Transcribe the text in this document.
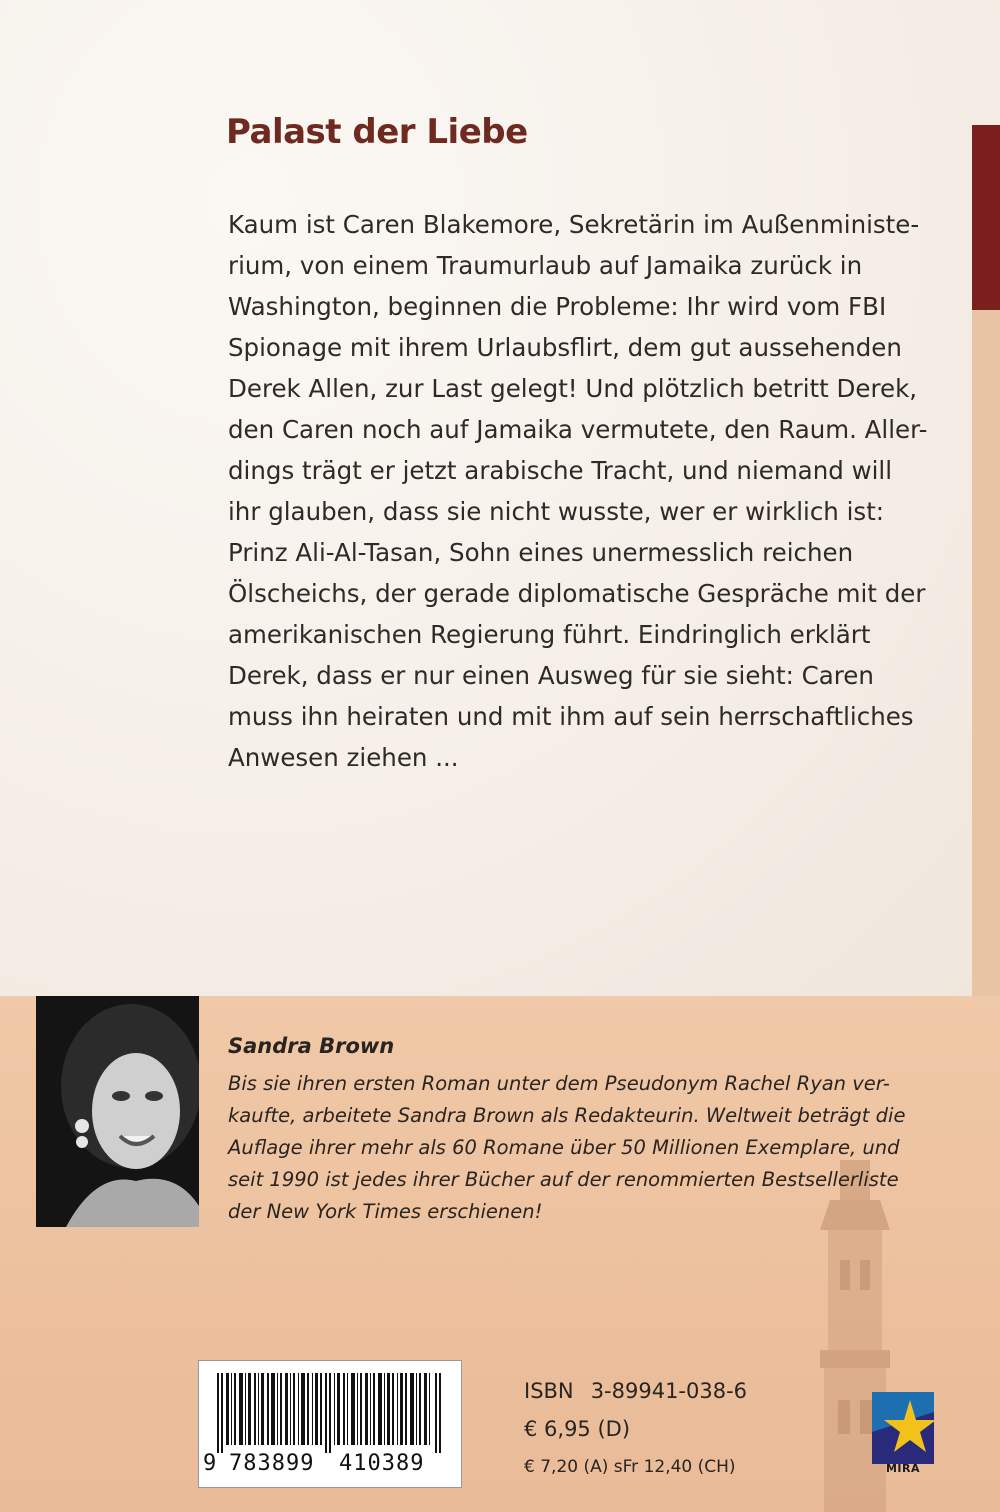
Palast der Liebe
Kaum ist Caren Blakemore, Sekretärin im Außenministe-
rium, von einem Traumurlaub auf Jamaika zurück in
Washington, beginnen die Probleme: Ihr wird vom FBI
Spionage mit ihrem Urlaubsflirt, dem gut aussehenden
Derek Allen, zur Last gelegt! Und plötzlich betritt Derek,
den Caren noch auf Jamaika vermutete, den Raum. Aller-
dings trägt er jetzt arabische Tracht, und niemand will
ihr glauben, dass sie nicht wusste, wer er wirklich ist:
Prinz Ali-Al-Tasan, Sohn eines unermesslich reichen
Ölscheichs, der gerade diplomatische Gespräche mit der
amerikanischen Regierung führt. Eindringlich erklärt
Derek, dass er nur einen Ausweg für sie sieht: Caren
muss ihn heiraten und mit ihm auf sein herrschaftliches
Anwesen ziehen ...
Sandra Brown
Bis sie ihren ersten Roman unter dem Pseudonym Rachel Ryan ver-
kaufte, arbeitete Sandra Brown als Redakteurin. Weltweit beträgt die
Auflage ihrer mehr als 60 Romane über 50 Millionen Exemplare, und
seit 1990 ist jedes ihrer Bücher auf der renommierten Bestsellerliste
der New York Times erschienen!
9 783899 410389
ISBN 3-89941-038-6
€ 6,95 (D)
€ 7,20 (A) sFr 12,40 (CH)	MIRA
